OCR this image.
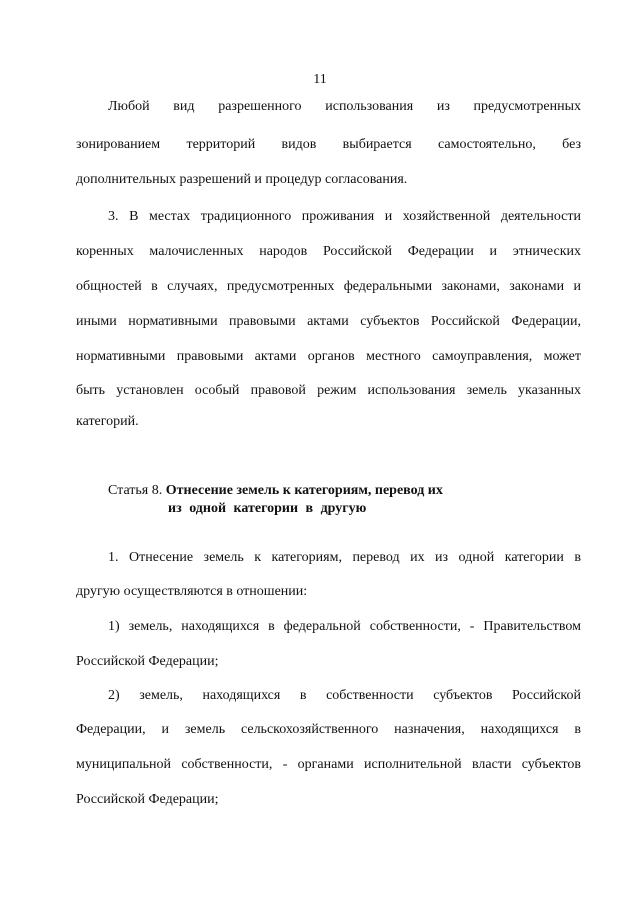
11
Любой вид разрешенного использования из предусмотренных
зонированием территорий видов выбирается самостоятельно, без
дополнительных разрешений и процедур согласования.
3. В местах традиционного проживания и хозяйственной деятельности
коренных малочисленных народов Российской Федерации и этнических
общностей в случаях, предусмотренных федеральными законами, законами и
иными нормативными правовыми актами субъектов Российской Федерации,
нормативными правовыми актами органов местного самоуправления, может
быть установлен особый правовой режим использования земель указанных
категорий.
Статья 8. Отнесение земель к категориям, перевод их
из одной категории в другую
1. Отнесение земель к категориям, перевод их из одной категории в
другую осуществляются в отношении:
1) земель, находящихся в федеральной собственности, - Правительством
Российской Федерации;
2) земель, находящихся в собственности субъектов Российской
Федерации, и земель сельскохозяйственного назначения, находящихся в
муниципальной собственности, - органами исполнительной власти субъектов
Российской Федерации;
